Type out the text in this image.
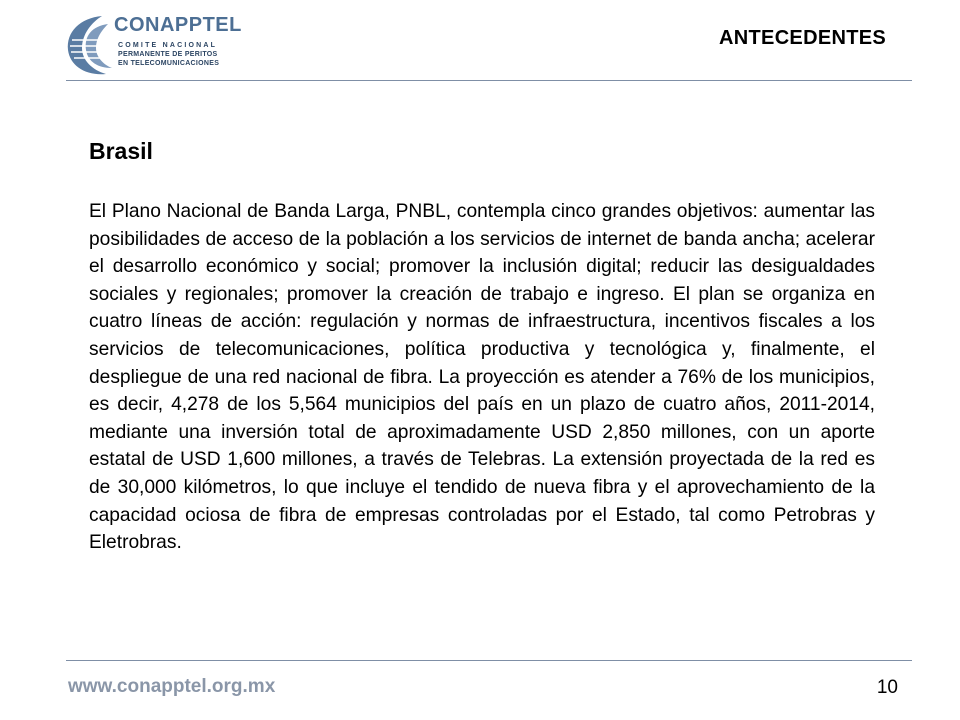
CONAPPTEL
COMITE NACIONAL
PERMANENTE DE PERITOS
EN TELECOMUNICACIONES
ANTECEDENTES
Brasil

El Plano Nacional de Banda Larga, PNBL, contempla cinco grandes objetivos: aumentar las posibilidades de acceso de la población a los servicios de internet de banda ancha; acelerar el desarrollo económico y social; promover la inclusión digital; reducir las desigualdades sociales y regionales; promover la creación de trabajo e ingreso. El plan se organiza en cuatro líneas de acción: regulación y normas de infraestructura, incentivos fiscales a los servicios de telecomunicaciones, política productiva y tecnológica y, finalmente, el despliegue de una red nacional de fibra. La proyección es atender a 76% de los municipios, es decir, 4,278 de los 5,564 municipios del país en un plazo de cuatro años, 2011-2014, mediante una inversión total de aproximadamente USD 2,850 millones, con un aporte estatal de USD 1,600 millones, a través de Telebras. La extensión proyectada de la red es de 30,000 kilómetros, lo que incluye el tendido de nueva fibra y el aprovechamiento de la capacidad ociosa de fibra de empresas controladas por el Estado, tal como Petrobras y Eletrobras.

www.conapptel.org.mx	10
